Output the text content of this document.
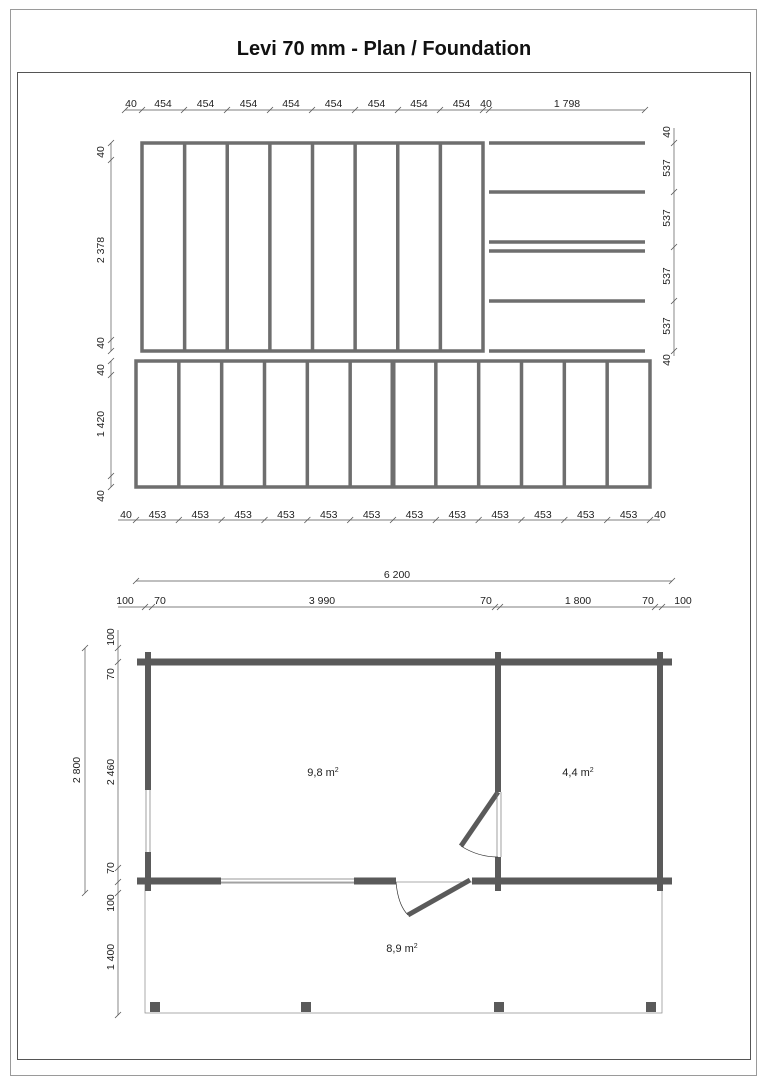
Levi 70 mm - Plan / Foundation
40 454 454 454 454 454 454 454 454 40	1 798
40
2 378
40
40
1 420
40
40
537
537
537
537
40
40 453 453 453 453 453 453 453 453 453 453 453 453 40
6 200
100 70	3 990	70	1 800	70 100
2 800
100
70
2 460
70
100
1 400
9,8 $m^2$	4,4 $m^2$
8,9 $m^2$
